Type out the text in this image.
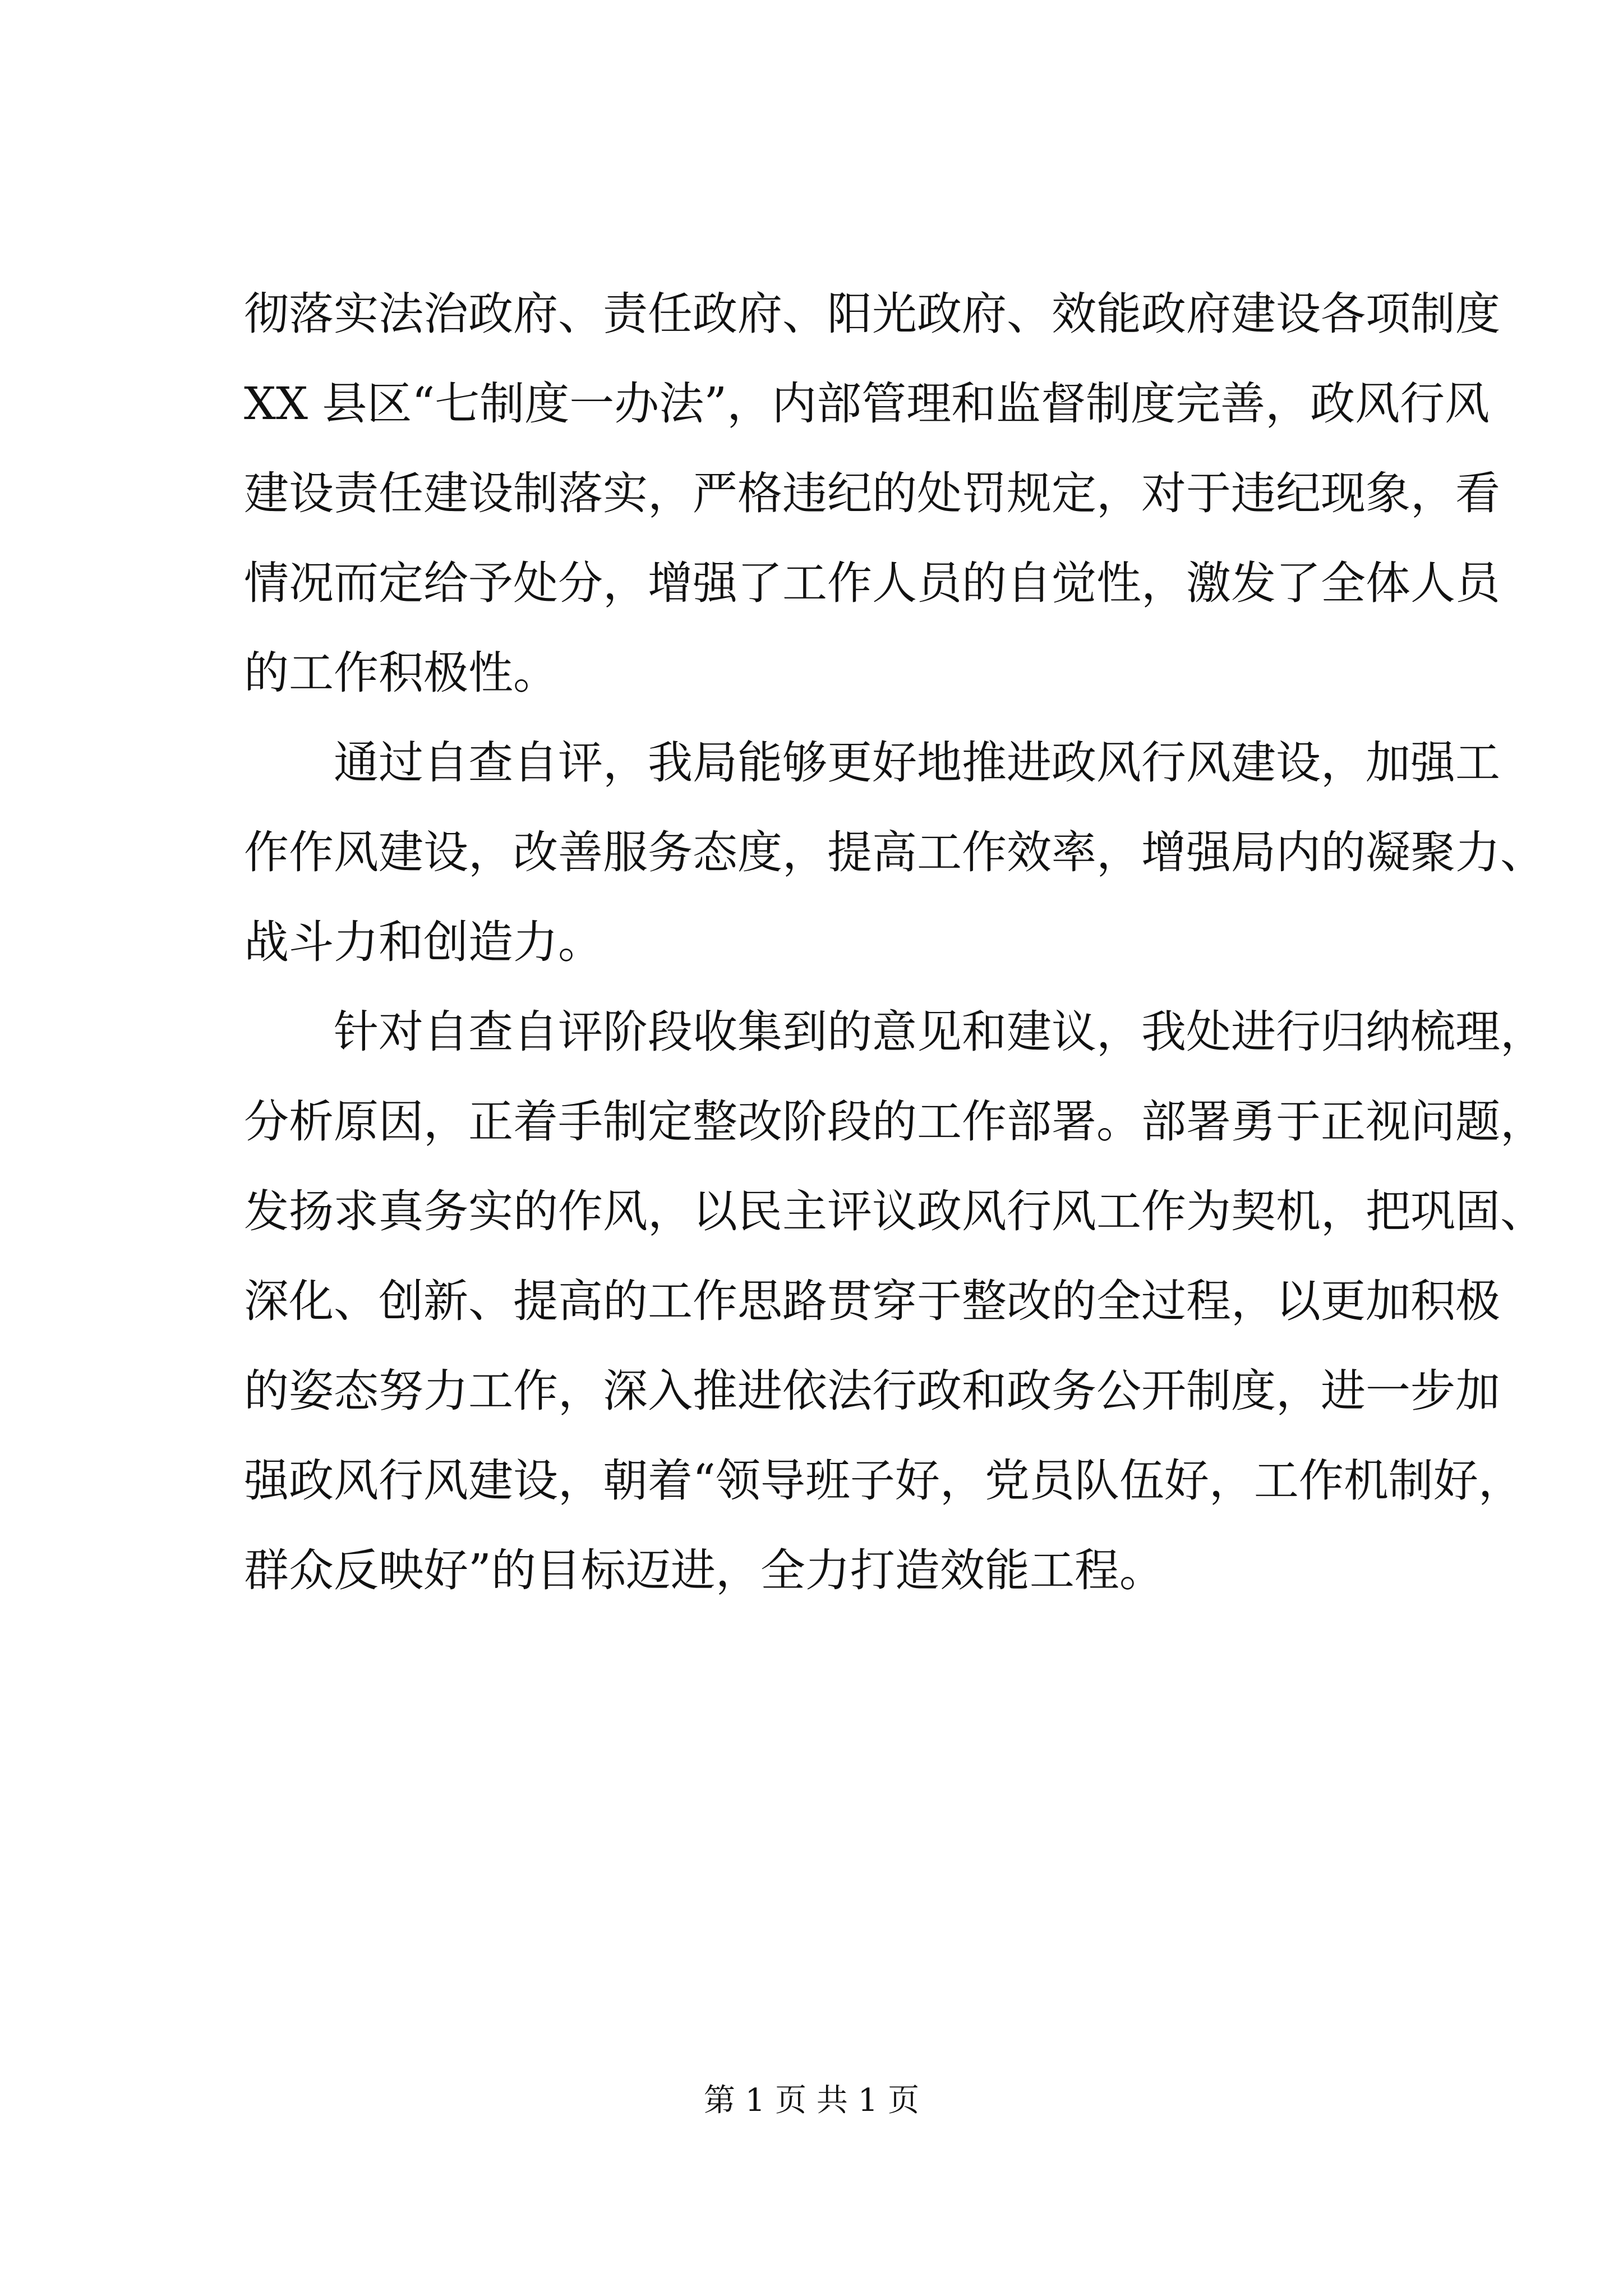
彻落实法治政府、责任政府、阳光政府、效能政府建设各项制度
XX 县区“七制度一办法”，内部管理和监督制度完善，政风行风
建设责任建设制落实，严格违纪的处罚规定，对于违纪现象，看
情况而定给予处分，增强了工作人员的自觉性，激发了全体人员
的工作积极性。
通过自查自评，我局能够更好地推进政风行风建设，加强工
作作风建设，改善服务态度，提高工作效率，增强局内的凝聚力、
战斗力和创造力。
针对自查自评阶段收集到的意见和建议，我处进行归纳梳理，
分析原因，正着手制定整改阶段的工作部署。部署勇于正视问题，
发扬求真务实的作风，以民主评议政风行风工作为契机，把巩固、
深化、创新、提高的工作思路贯穿于整改的全过程，以更加积极
的姿态努力工作，深入推进依法行政和政务公开制度，进一步加
强政风行风建设，朝着“领导班子好，党员队伍好，工作机制好，
群众反映好”的目标迈进，全力打造效能工程。
第 1 页 共 1 页
